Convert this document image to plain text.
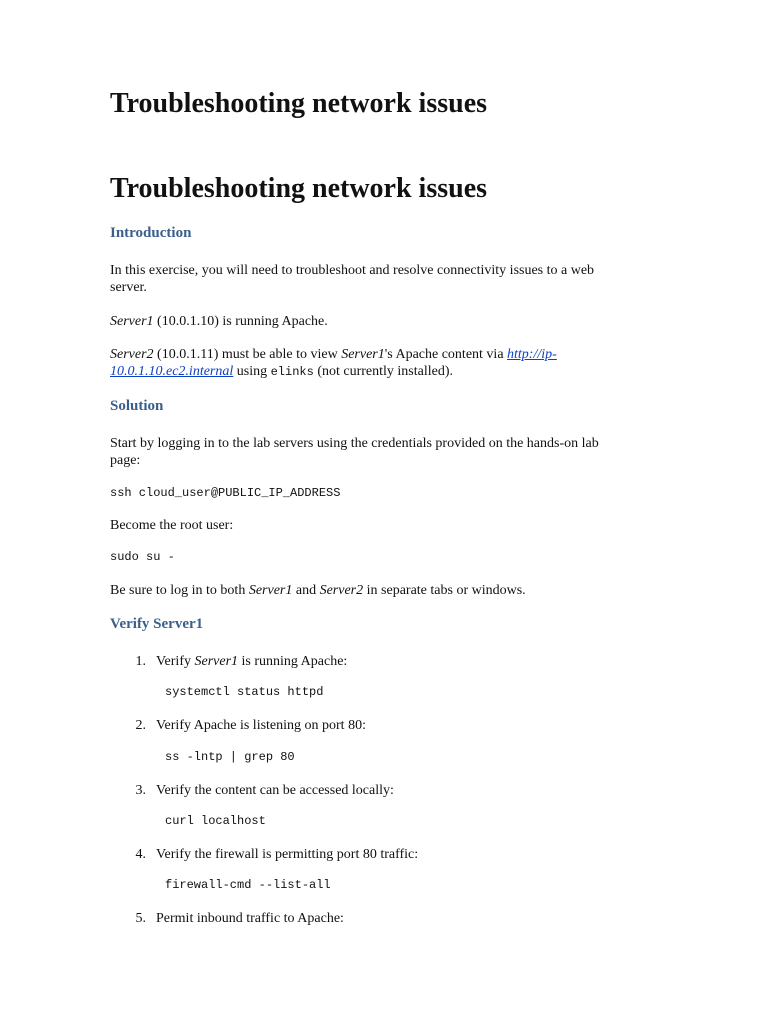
Troubleshooting network issues
Troubleshooting network issues
Introduction
In this exercise, you will need to troubleshoot and resolve connectivity issues to a web
server.
Server1 (10.0.1.10) is running Apache.
Server2 (10.0.1.11) must be able to view Server1's Apache content via http://ip-
10.0.1.10.ec2.internal using elinks (not currently installed).
Solution
Start by logging in to the lab servers using the credentials provided on the hands-on lab
page:
ssh cloud_user@PUBLIC_IP_ADDRESS
Become the root user:
sudo su -
Be sure to log in to both Server1 and Server2 in separate tabs or windows.
Verify Server1
1. Verify Server1 is running Apache:
systemctl status httpd
2. Verify Apache is listening on port 80:
ss -lntp | grep 80
3. Verify the content can be accessed locally:
curl localhost
4. Verify the firewall is permitting port 80 traffic:
firewall-cmd --list-all
5. Permit inbound traffic to Apache:
